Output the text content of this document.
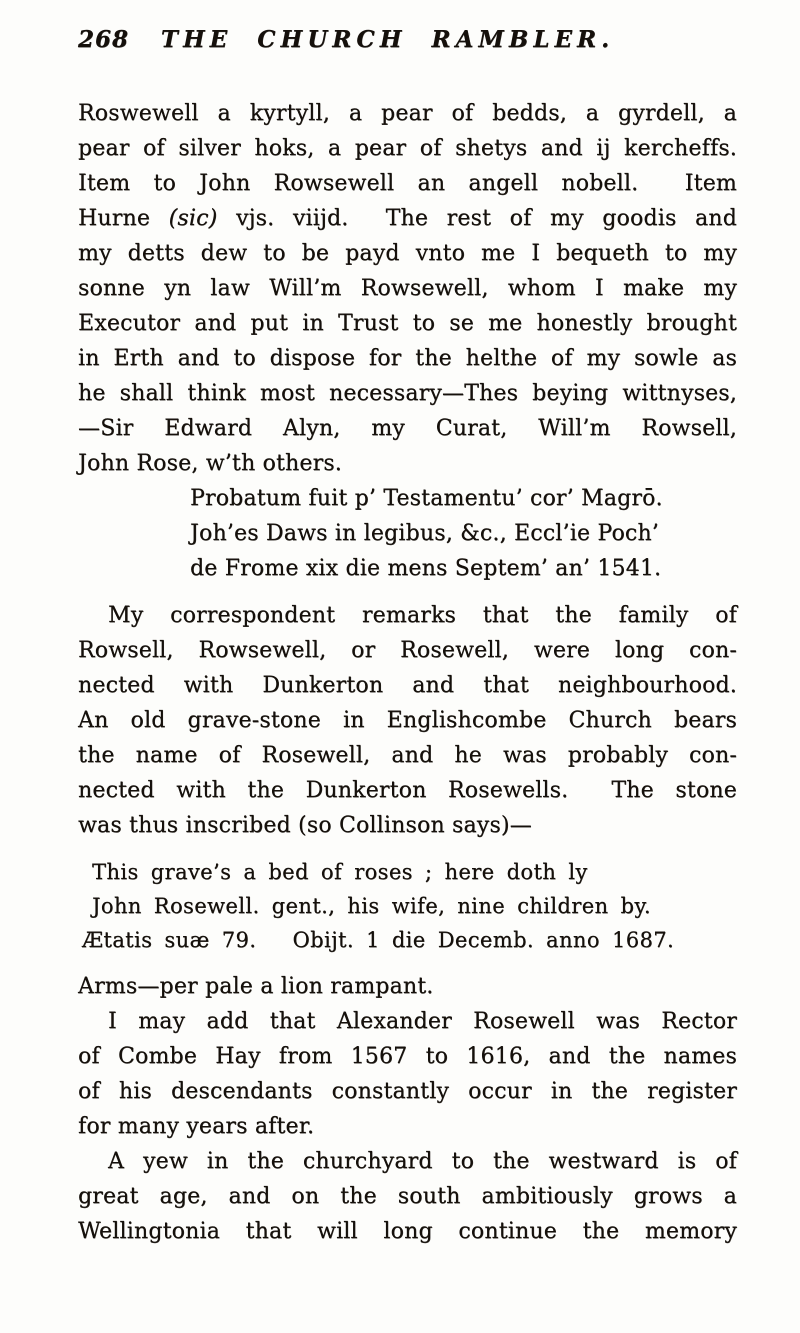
268	THE CHURCH RAMBLER.
Roswewell a kyrtyll, a pear of bedds, a gyrdell, a
pear of silver hoks, a pear of shetys and ij kercheffs.
Item to John Rowsewell an angell nobell.  Item
Hurne (sic) vjs. viijd.  The rest of my goodis and
my detts dew to be payd vnto me I bequeth to my
sonne yn law Will’m Rowsewell, whom I make my
Executor and put in Trust to se me honestly brought
in Erth and to dispose for the helthe of my sowle as
he shall think most necessary—Thes beying wittnyses,
—Sir Edward Alyn, my Curat, Will’m Rowsell,
John Rose, w’th others.
Probatum fuit p’ Testamentu’ cor’ Magrō.
Joh’es Daws in legibus, &c., Eccl’ie Poch’
de Frome xix die mens Septem’ an’ 1541.
My correspondent remarks that the family of
Rowsell, Rowsewell, or Rosewell, were long con-
nected with Dunkerton and that neighbourhood.
An old grave-stone in Englishcombe Church bears
the name of Rosewell, and he was probably con-
nected with the Dunkerton Rosewells.  The stone
was thus inscribed (so Collinson says)—
This grave’s a bed of roses ; here doth ly
John Rosewell. gent., his wife, nine children by.
Ætatis suæ 79.   Obijt. 1 die Decemb. anno 1687.
Arms—per pale a lion rampant.
I may add that Alexander Rosewell was Rector
of Combe Hay from 1567 to 1616, and the names
of his descendants constantly occur in the register
for many years after.
A yew in the churchyard to the westward is of
great age, and on the south ambitiously grows a
Wellingtonia that will long continue the memory
